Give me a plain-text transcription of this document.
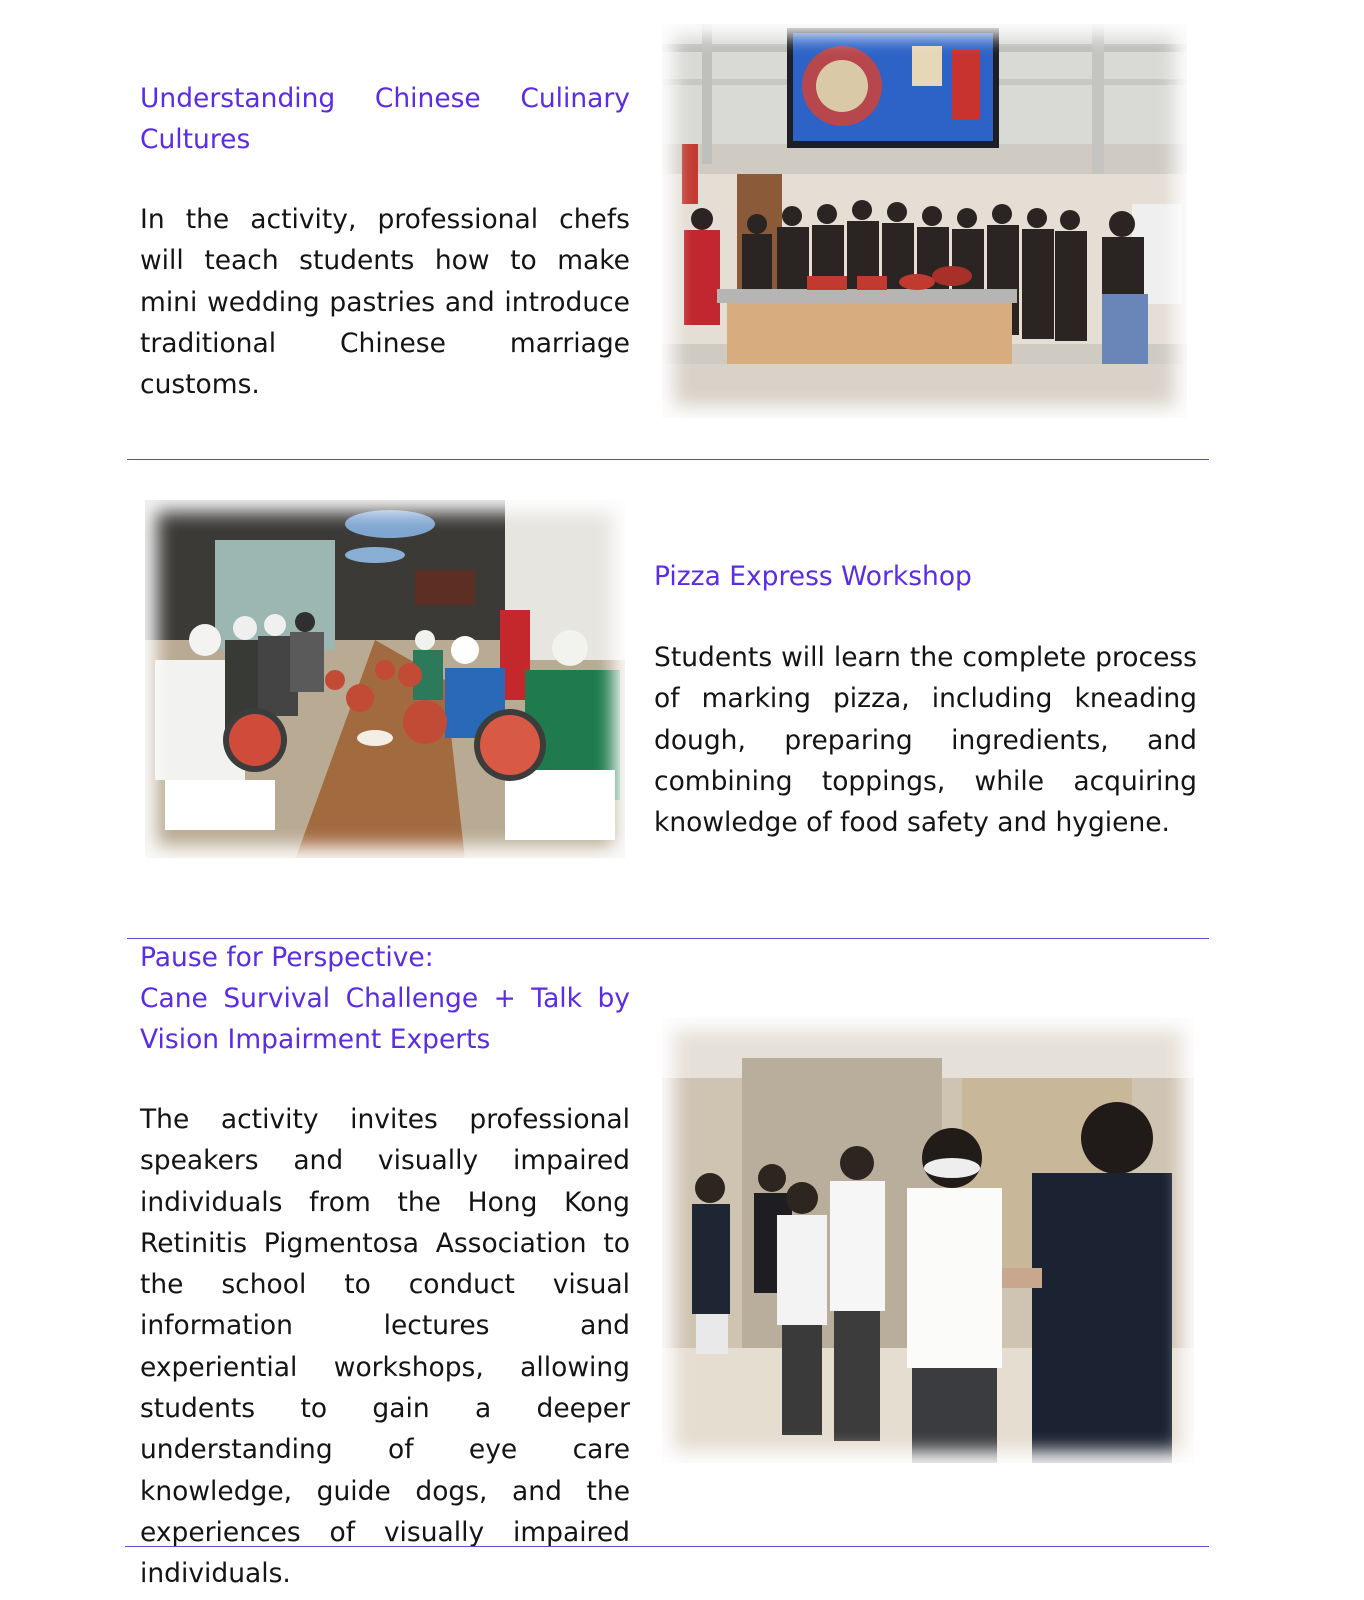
Understanding Chinese Culinary Cultures

In the activity, professional chefs will teach students how to make mini wedding pastries and introduce traditional Chinese marriage customs.

Pizza Express Workshop

Students will learn the complete process of marking pizza, including kneading dough, preparing ingredients, and combining toppings, while acquiring knowledge of food safety and hygiene.

Pause for Perspective:
Cane Survival Challenge + Talk by Vision Impairment Experts

The activity invites professional speakers and visually impaired individuals from the Hong Kong Retinitis Pigmentosa Association to the school to conduct visual information lectures and experiential workshops, allowing students to gain a deeper understanding of eye care knowledge, guide dogs, and the experiences of visually impaired individuals.
